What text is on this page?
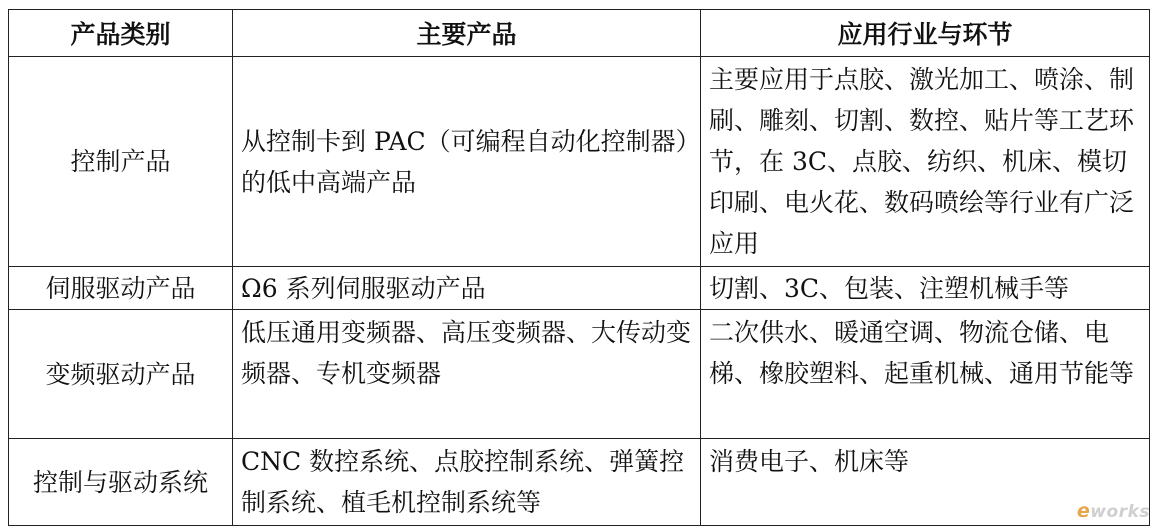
产品类别	主要产品	应用行业与环节
控制产品	从控制卡到 PAC（可编程自动化控制器）的低中高端产品	主要应用于点胶、激光加工、喷涂、制刷、雕刻、切割、数控、贴片等工艺环节，在 3C、点胶、纺织、机床、模切印刷、电火花、数码喷绘等行业有广泛应用
伺服驱动产品	Ω6 系列伺服驱动产品	切割、3C、包装、注塑机械手等
变频驱动产品	低压通用变频器、高压变频器、大传动变频器、专机变频器	二次供水、暖通空调、物流仓储、电梯、橡胶塑料、起重机械、通用节能等
控制与驱动系统	CNC 数控系统、点胶控制系统、弹簧控制系统、植毛机控制系统等	消费电子、机床等
eworks
